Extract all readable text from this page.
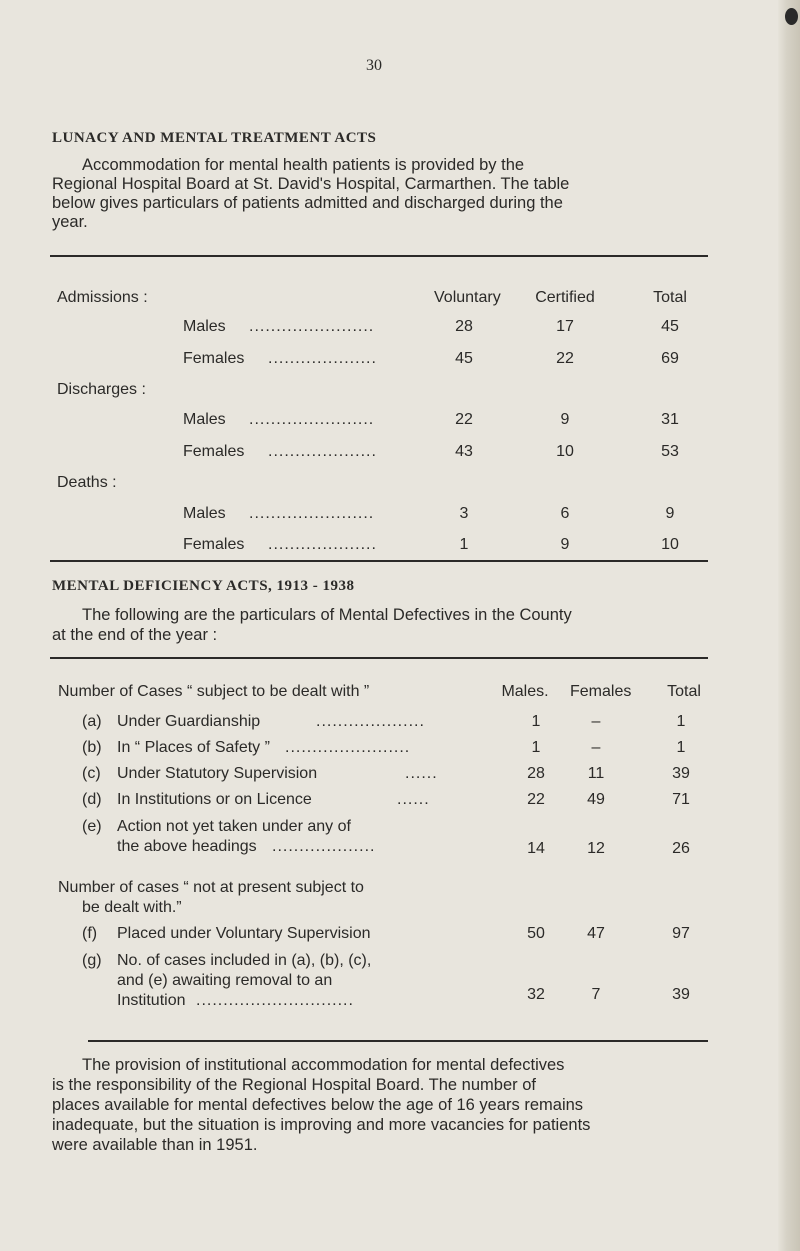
30
LUNACY AND MENTAL TREATMENT ACTS
Accommodation for mental health patients is provided by the
Regional Hospital Board at St. David's Hospital, Carmarthen. The table
below gives particulars of patients admitted and discharged during the
year.
Admissions :	Voluntary Certified	Total
Males .......................	28	17	45
Females ....................	45	22	69
Discharges :
Males .......................	22	9	31
Females ....................	43	10	53
Deaths :
Males .......................	3	6	9
Females ....................	1	9	10
MENTAL DEFICIENCY ACTS, 1913 - 1938
The following are the particulars of Mental Defectives in the County
at the end of the year :
Number of Cases “ subject to be dealt with ”	Males.	Females	Total
(a) Under Guardianship	....................	1	–	1
(b) In “ Places of Safety ” .......................	1	–	1
(c) Under Statutory Supervision	......	28	11	39
(d) In Institutions or on Licence	......	22	49	71
(e) Action not yet taken under any of
the above headings ...................	14	12	26
Number of cases “ not at present subject to
be dealt with.”
(f) Placed under Voluntary Supervision	50	47	97
(g) No. of cases included in (a), (b), (c),
and (e) awaiting removal to an
Institution .............................	32	7	39
The provision of institutional accommodation for mental defectives
is the responsibility of the Regional Hospital Board. The number of
places available for mental defectives below the age of 16 years remains
inadequate, but the situation is improving and more vacancies for patients
were available than in 1951.
